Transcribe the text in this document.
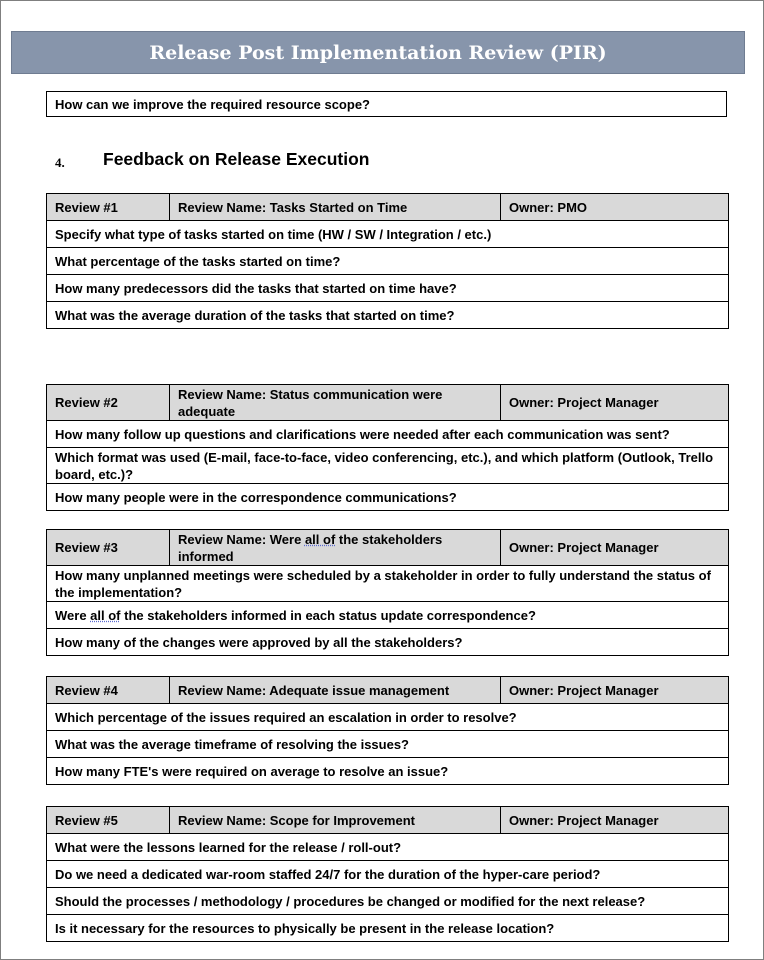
Release Post Implementation Review (PIR)
How can we improve the required resource scope?
4. Feedback on Release Execution
Review #1	Review Name: Tasks Started on Time	Owner: PMO
Specify what type of tasks started on time (HW / SW / Integration / etc.)
What percentage of the tasks started on time?
How many predecessors did the tasks that started on time have?
What was the average duration of the tasks that started on time?
Review #2	Review Name: Status communication were adequate	Owner: Project Manager
How many follow up questions and clarifications were needed after each communication was sent?
Which format was used (E-mail, face-to-face, video conferencing, etc.), and which platform (Outlook, Trello board, etc.)?
How many people were in the correspondence communications?
Review #3	Review Name: Were all of the stakeholders informed	Owner: Project Manager
How many unplanned meetings were scheduled by a stakeholder in order to fully understand the status of the implementation?
Were all of the stakeholders informed in each status update correspondence?
How many of the changes were approved by all the stakeholders?
Review #4	Review Name: Adequate issue management	Owner: Project Manager
Which percentage of the issues required an escalation in order to resolve?
What was the average timeframe of resolving the issues?
How many FTE's were required on average to resolve an issue?
Review #5	Review Name: Scope for Improvement	Owner: Project Manager
What were the lessons learned for the release / roll-out?
Do we need a dedicated war-room staffed 24/7 for the duration of the hyper-care period?
Should the processes / methodology / procedures be changed or modified for the next release?
Is it necessary for the resources to physically be present in the release location?
